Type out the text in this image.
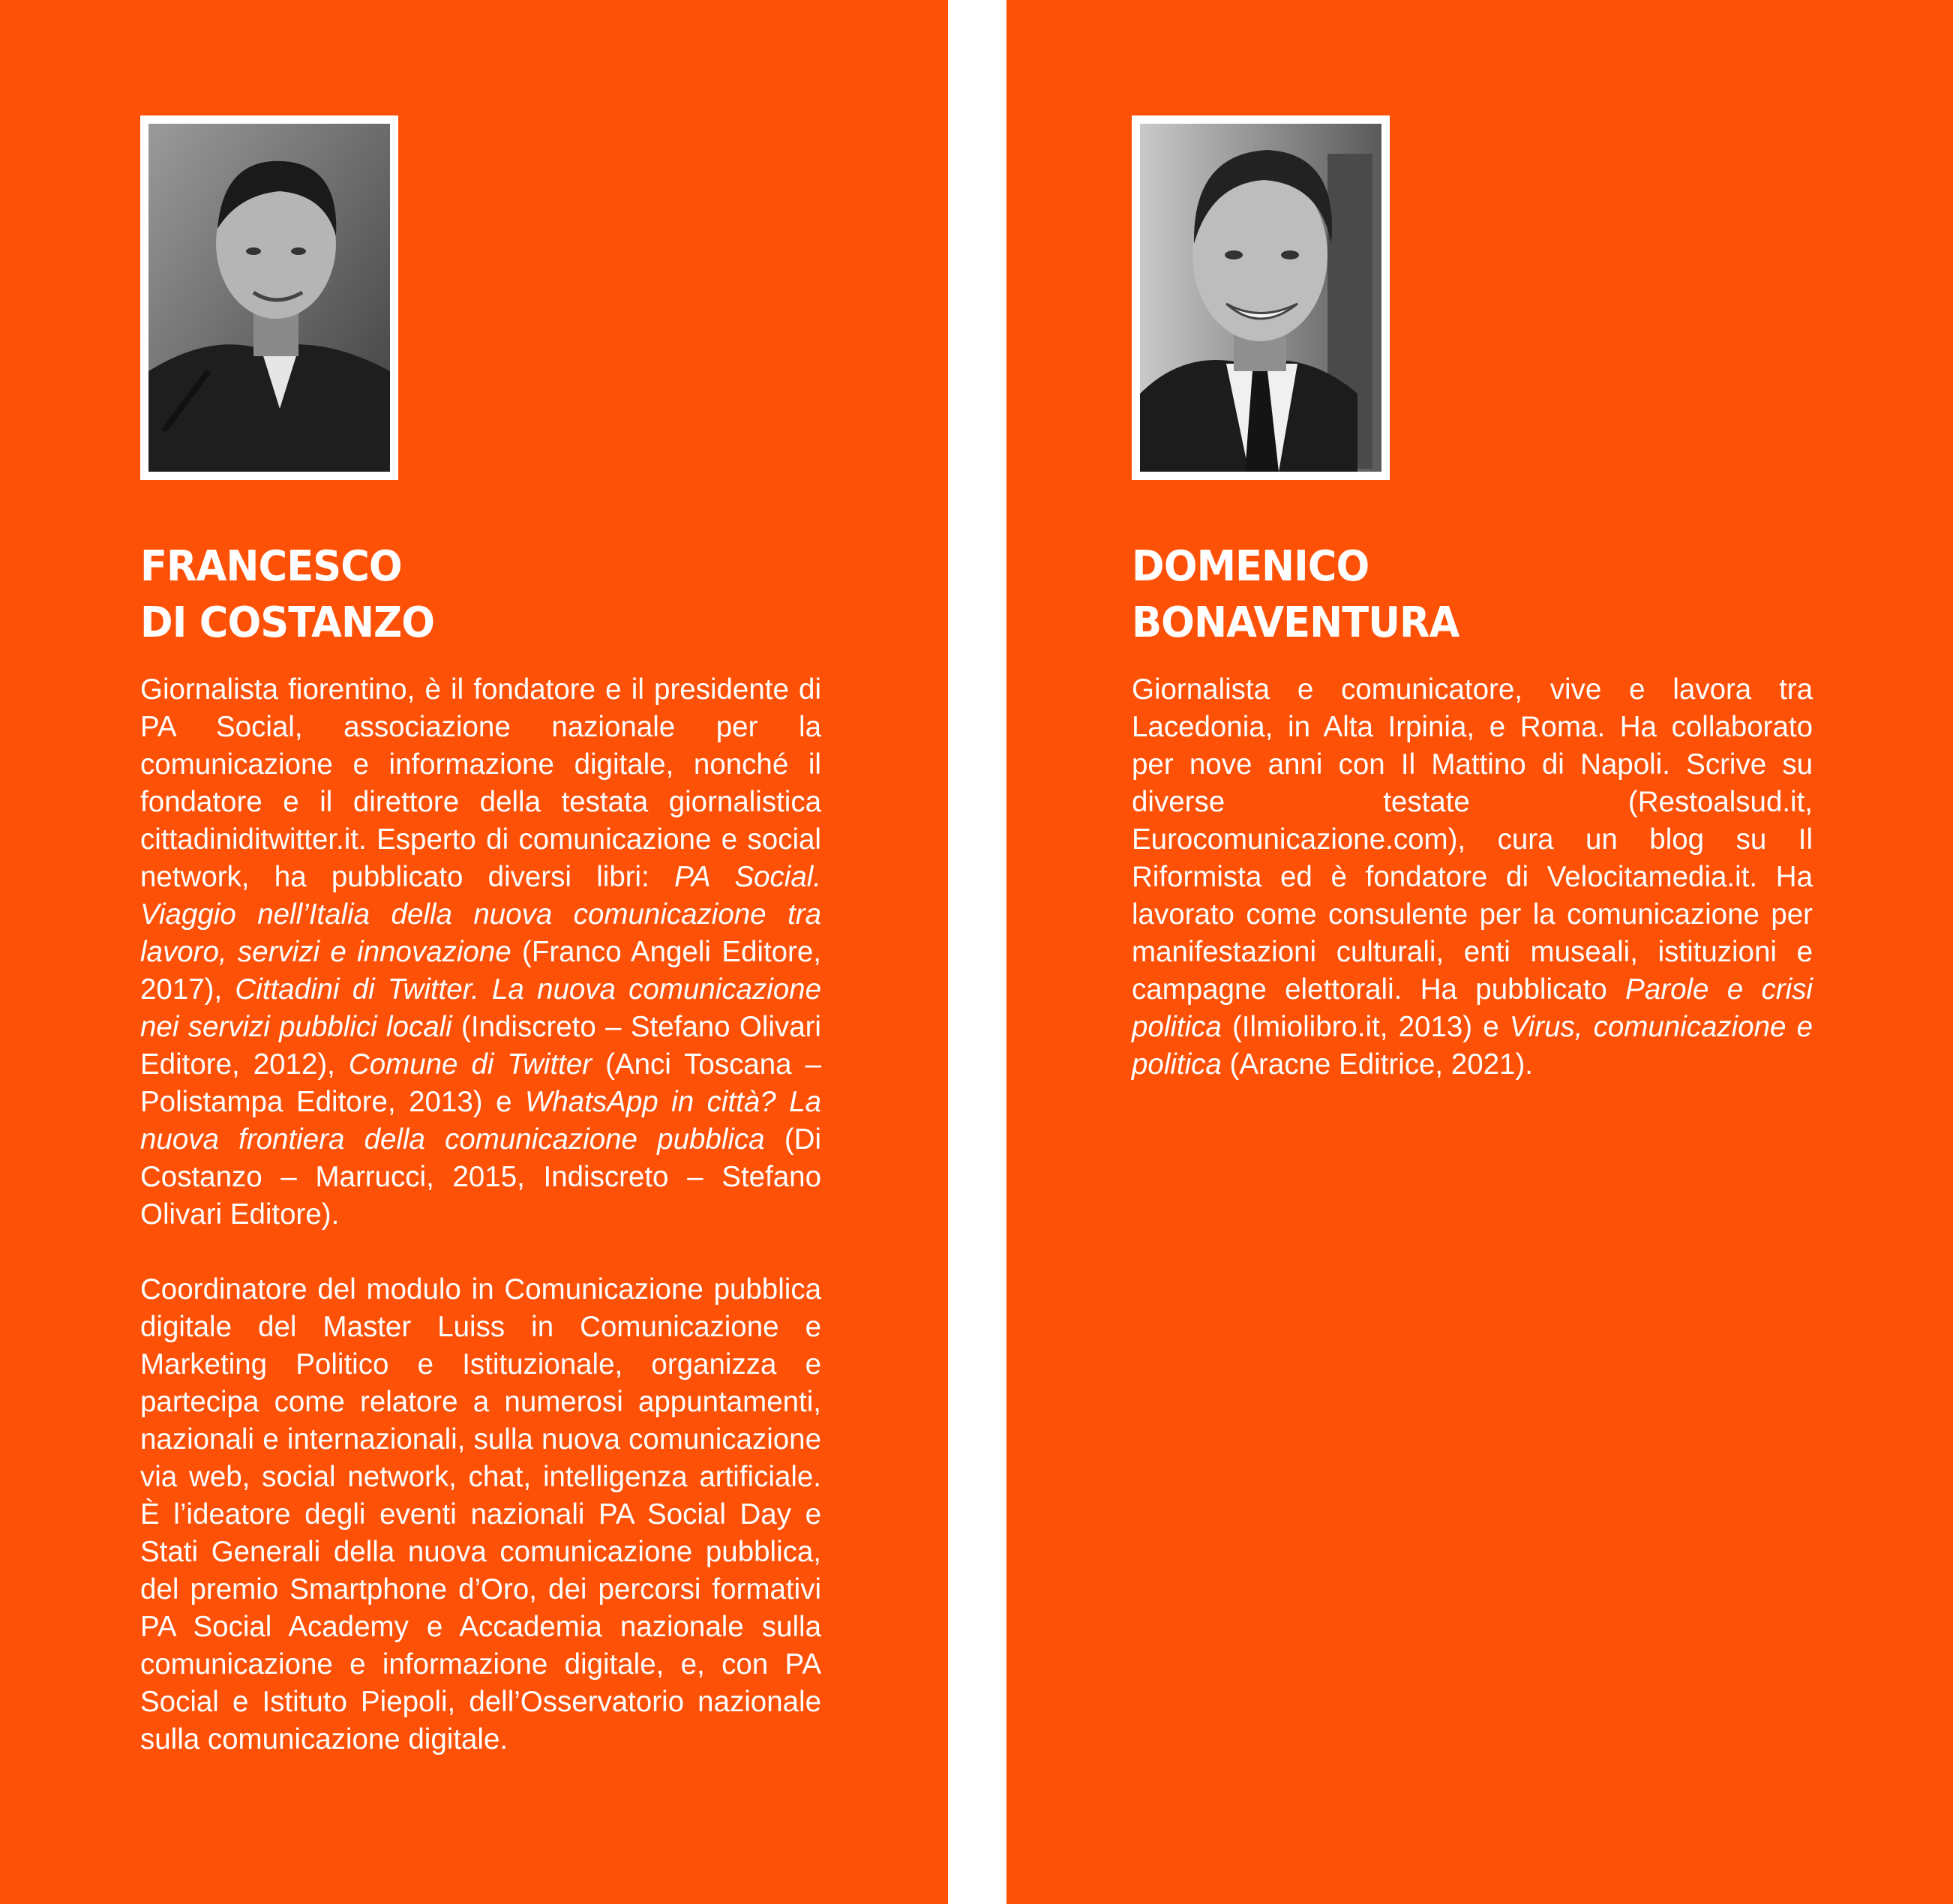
FRANCESCO
DI COSTANZO

Giornalista fiorentino, è il fondatore e il presidente di PA Social, associazione nazionale per la comunicazione e informazione digitale, nonché il fondatore e il direttore della testata giornalistica cittadiniditwitter.it. Esperto di comunicazione e social network, ha pubblicato diversi libri: PA Social. Viaggio nell’Italia della nuova comunicazione tra lavoro, servizi e innovazione (Franco Angeli Editore, 2017), Cittadini di Twitter. La nuova comunicazione nei servizi pubblici locali (Indiscreto – Stefano Olivari Editore, 2012), Comune di Twitter (Anci Toscana – Polistampa Editore, 2013) e WhatsApp in città? La nuova frontiera della comunicazione pubblica (Di Costanzo – Marrucci, 2015, Indiscreto – Stefano Olivari Editore).

Coordinatore del modulo in Comunicazione pubblica digitale del Master Luiss in Comunicazione e Marketing Politico e Istituzionale, organizza e partecipa come relatore a numerosi appuntamenti, nazionali e internazionali, sulla nuova comunicazione via web, social network, chat, intelligenza artificiale. È l’ideatore degli eventi nazionali PA Social Day e Stati Generali della nuova comunicazione pubblica, del premio Smartphone d’Oro, dei percorsi formativi PA Social Academy e Accademia nazionale sulla comunicazione e informazione digitale, e, con PA Social e Istituto Piepoli, dell’Osservatorio nazionale sulla comunicazione digitale.

DOMENICO
BONAVENTURA

Giornalista e comunicatore, vive e lavora tra Lacedonia, in Alta Irpinia, e Roma. Ha collaborato per nove anni con Il Mattino di Napoli. Scrive su diverse testate (Restoalsud.it, Eurocomunicazione.com), cura un blog su Il Riformista ed è fondatore di Velocitamedia.it. Ha lavorato come consulente per la comunicazione per manifestazioni culturali, enti museali, istituzioni e campagne elettorali. Ha pubblicato Parole e crisi politica (Ilmiolibro.it, 2013) e Virus, comunicazione e politica (Aracne Editrice, 2021).
